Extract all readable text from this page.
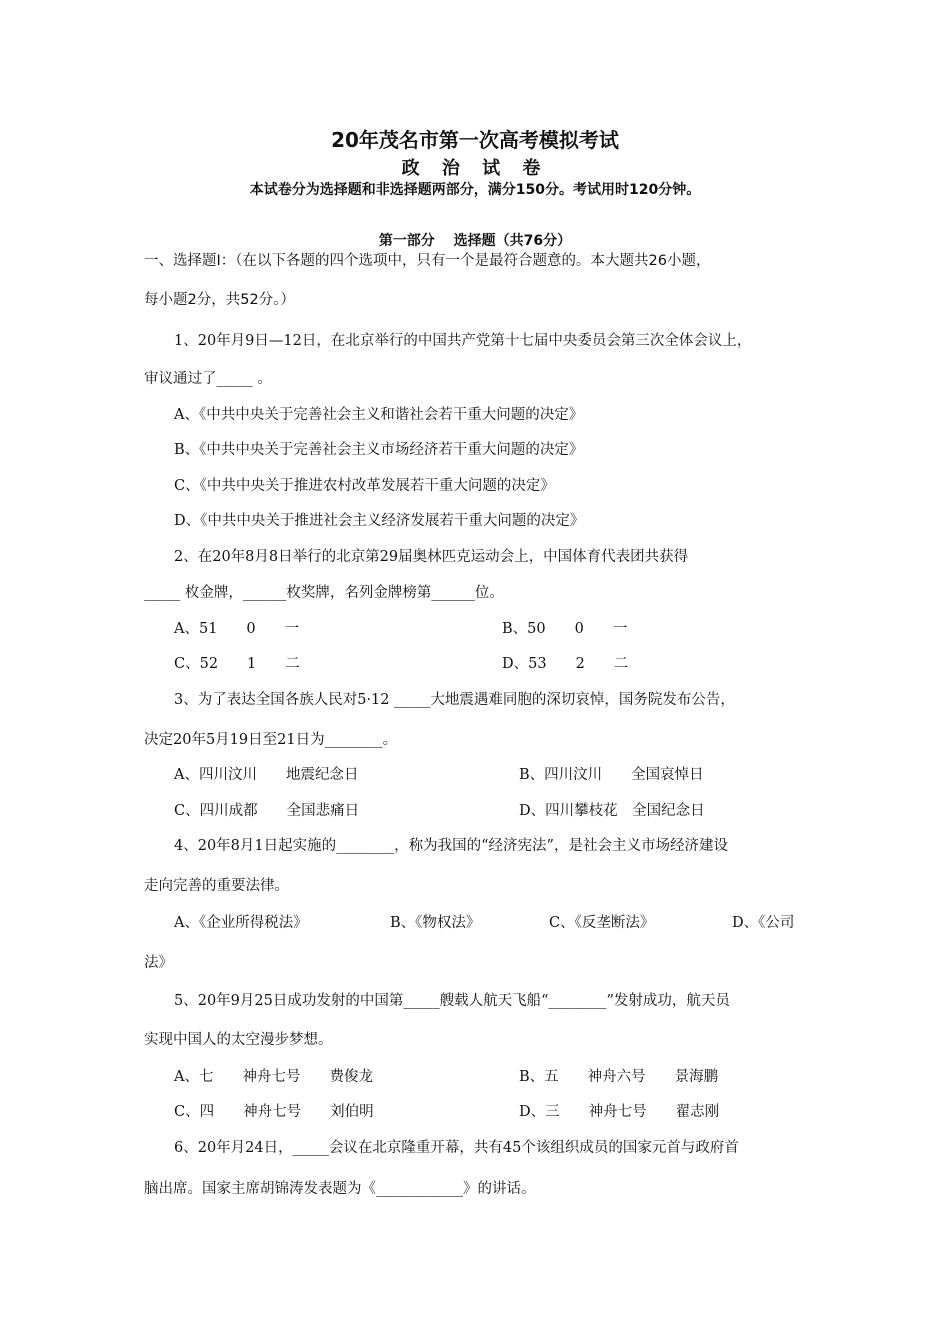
20年茂名市第一次高考模拟考试
政 治 试 卷
本试卷分为选择题和非选择题两部分，满分150分。考试用时120分钟。
第一部分　 选择题（共76分）
一、选择题Ⅰ：（在以下各题的四个选项中，只有一个是最符合题意的。本大题共26小题，
每小题2分，共52分。）
1、20年月9日—12日，在北京举行的中国共产党第十七届中央委员会第三次全体会议上，
审议通过了_____ 。
A、《中共中央关于完善社会主义和谐社会若干重大问题的决定》
B、《中共中央关于完善社会主义市场经济若干重大问题的决定》
C、《中共中央关于推进农村改革发展若干重大问题的决定》
D、《中共中央关于推进社会主义经济发展若干重大问题的决定》
2、在20年8月8日举行的北京第29届奥林匹克运动会上，中国体育代表团共获得
_____ 枚金牌，______枚奖牌，名列金牌榜第______位。
A、51　　0　　一	B、50　　0　　一
C、52　　1　　二	D、53　　2　　二
3、为了表达全国各族人民对5·12 _____大地震遇难同胞的深切哀悼，国务院发布公告，
决定20年5月19日至21日为________。
A、四川汶川　　地震纪念日	B、四川汶川　　全国哀悼日
C、四川成都　　全国悲痛日	D、四川攀枝花　全国纪念日
4、20年8月1日起实施的________，称为我国的“经济宪法”，是社会主义市场经济建设
走向完善的重要法律。
A、《企业所得税法》	B、《物权法》	C、《反垄断法》	D、《公司
法》
5、20年9月25日成功发射的中国第_____艘载人航天飞船“________”发射成功，航天员
实现中国人的太空漫步梦想。
A、七　　神舟七号　　费俊龙	B、五　　神舟六号　　景海鹏
C、四　　神舟七号　　刘伯明	D、三　　神舟七号　　翟志刚
6、20年月24日，_____会议在北京隆重开幕，共有45个该组织成员的国家元首与政府首
脑出席。国家主席胡锦涛发表题为《____________》的讲话。
